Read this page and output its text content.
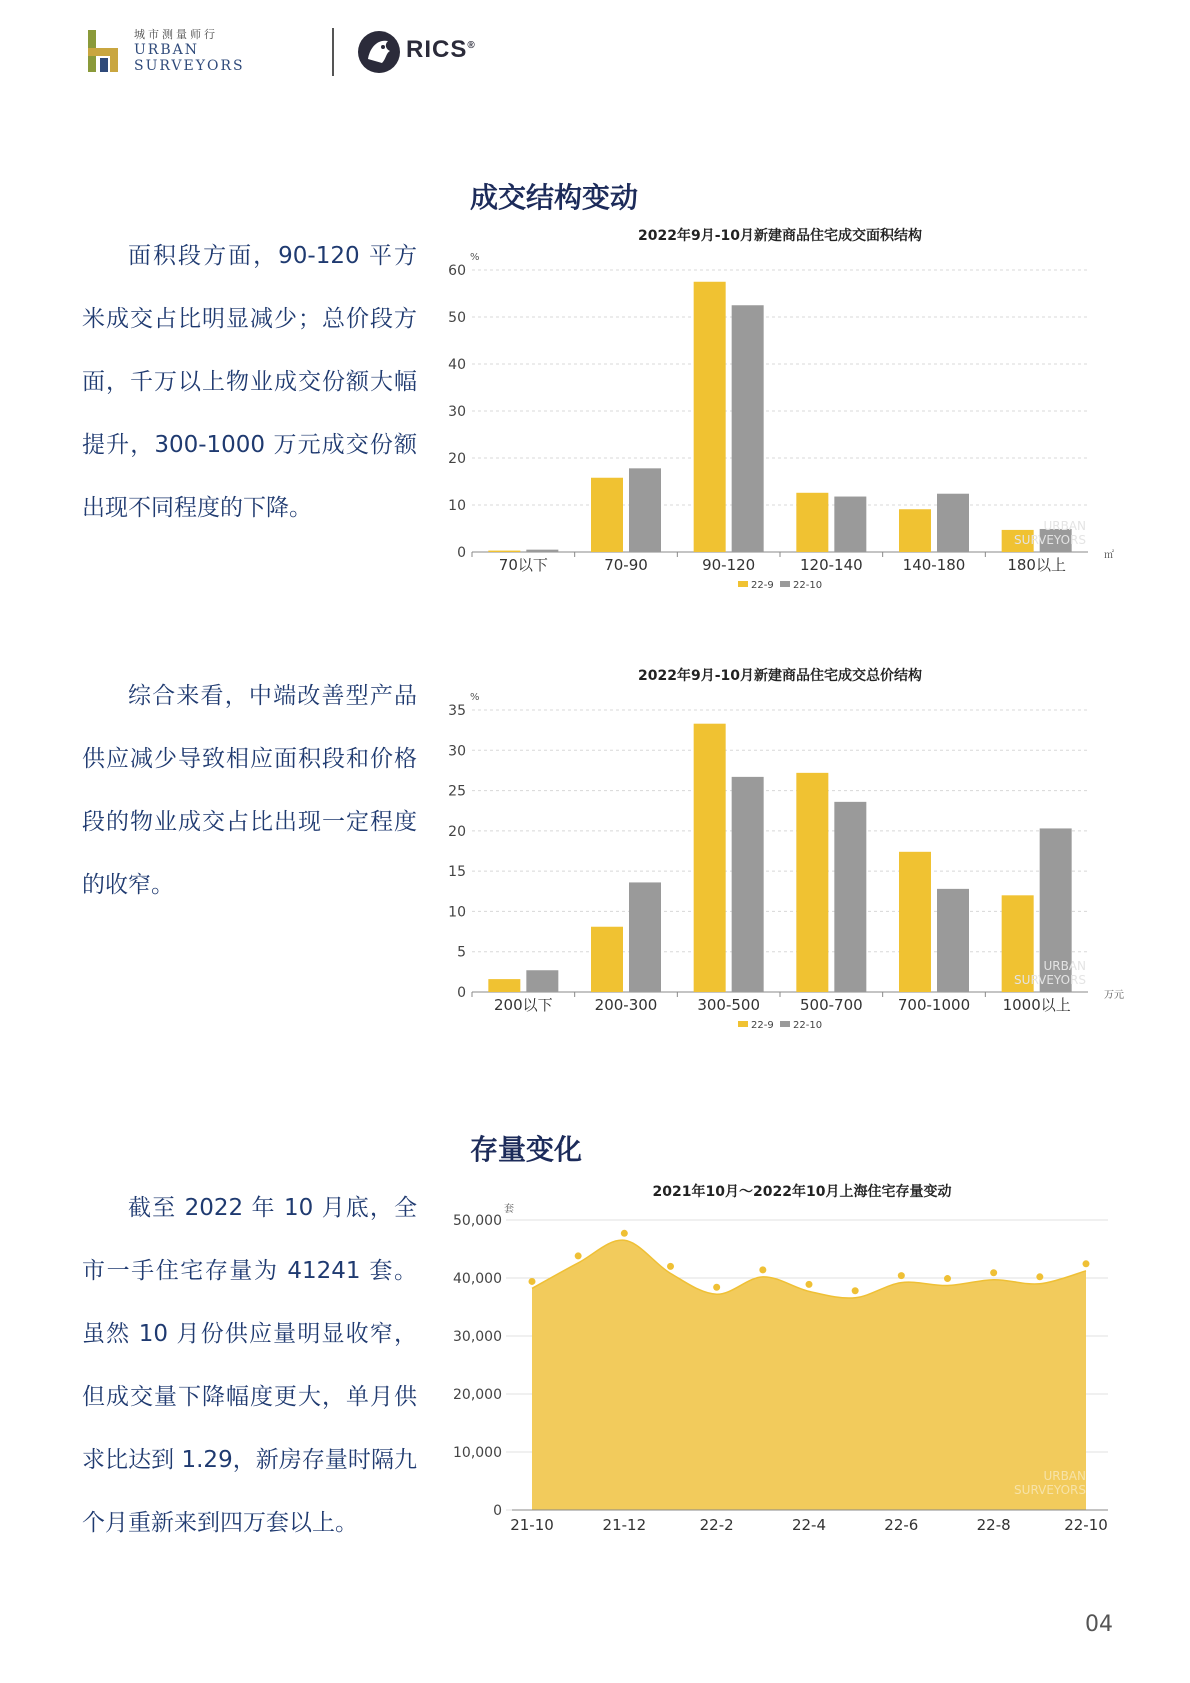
城市测量师行
URBAN
SURVEYORS
RICS®
成交结构变动
面积段方面，90-120 平方米成交占比明显减少；总价段方面，千万以上物业成交份额大幅提升，300-1000 万元成交份额出现不同程度的下降。
2022年9月-10月新建商品住宅成交面积结构
%
0
10
20
30
40
50
60
70以下	70-90	90-120	120-140	140-180	180以上
㎡
22-9 22-10
URBAN
SURVEYORS
综合来看，中端改善型产品供应减少导致相应面积段和价格段的物业成交占比出现一定程度的收窄。
2022年9月-10月新建商品住宅成交总价结构
%
0
5
10
15
20
25
30
35
200以下	200-300	300-500	500-700 700-1000 1000以上
万元
22-9 22-10
URBAN
SURVEYORS
存量变化
截至 2022 年 10 月底，全市一手住宅存量为 41241 套。虽然 10 月份供应量明显收窄，但成交量下降幅度更大，单月供求比达到 1.29，新房存量时隔九个月重新来到四万套以上。
2021年10月～2022年10月上海住宅存量变动
套
0
10,000
20,000
30,000
40,000
50,000
21-10	21-12	22-2	22-4	22-6	22-8	22-10
URBAN
SURVEYORS
04
